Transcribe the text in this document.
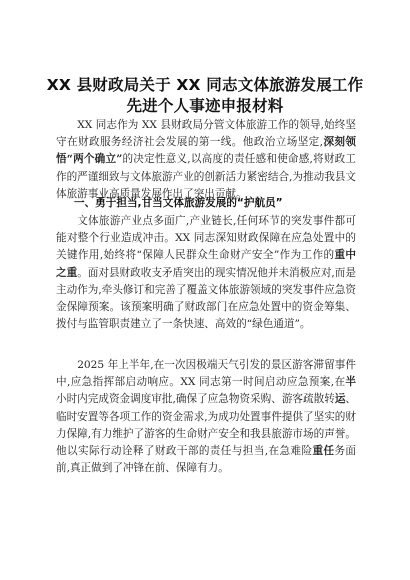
XX 县财政局关于 XX 同志文体旅游发展工作先进个人事迹申报材料
XX 同志作为 XX 县财政局分管文体旅游工作的领导,始终坚守在财政服务经济社会发展的第一线。他政治立场坚定,深刻领悟“两个确立”的决定性意义,以高度的责任感和使命感,将财政工作的严谨细致与文体旅游产业的创新活力紧密结合,为推动我县文体旅游事业高质量发展作出了突出贡献。
一、勇于担当,甘当文体旅游发展的“护航员”
文体旅游产业点多面广,产业链长,任何环节的突发事件都可能对整个行业造成冲击。XX 同志深知财政保障在应急处置中的关键作用,始终将“保障人民群众生命财产安全”作为工作的重中之重。面对县财政收支矛盾突出的现实情况他并未消极应对,而是主动作为,牵头修订和完善了覆盖文体旅游领域的突发事件应急资金保障预案。该预案明确了财政部门在应急处置中的资金筹集、拨付与监管职责建立了一条快速、高效的“绿色通道”。
2025 年上半年,在一次因极端天气引发的景区游客滞留事件中,应急指挥部启动响应。XX 同志第一时间启动应急预案,在半小时内完成资金调度审批,确保了应急物资采购、游客疏散转运、临时安置等各项工作的资金需求,为成功处置事件提供了坚实的财力保障,有力维护了游客的生命财产安全和我县旅游市场的声誉。他以实际行动诠释了财政干部的责任与担当,在急难险重任务面前,真正做到了冲锋在前、保障有力。
